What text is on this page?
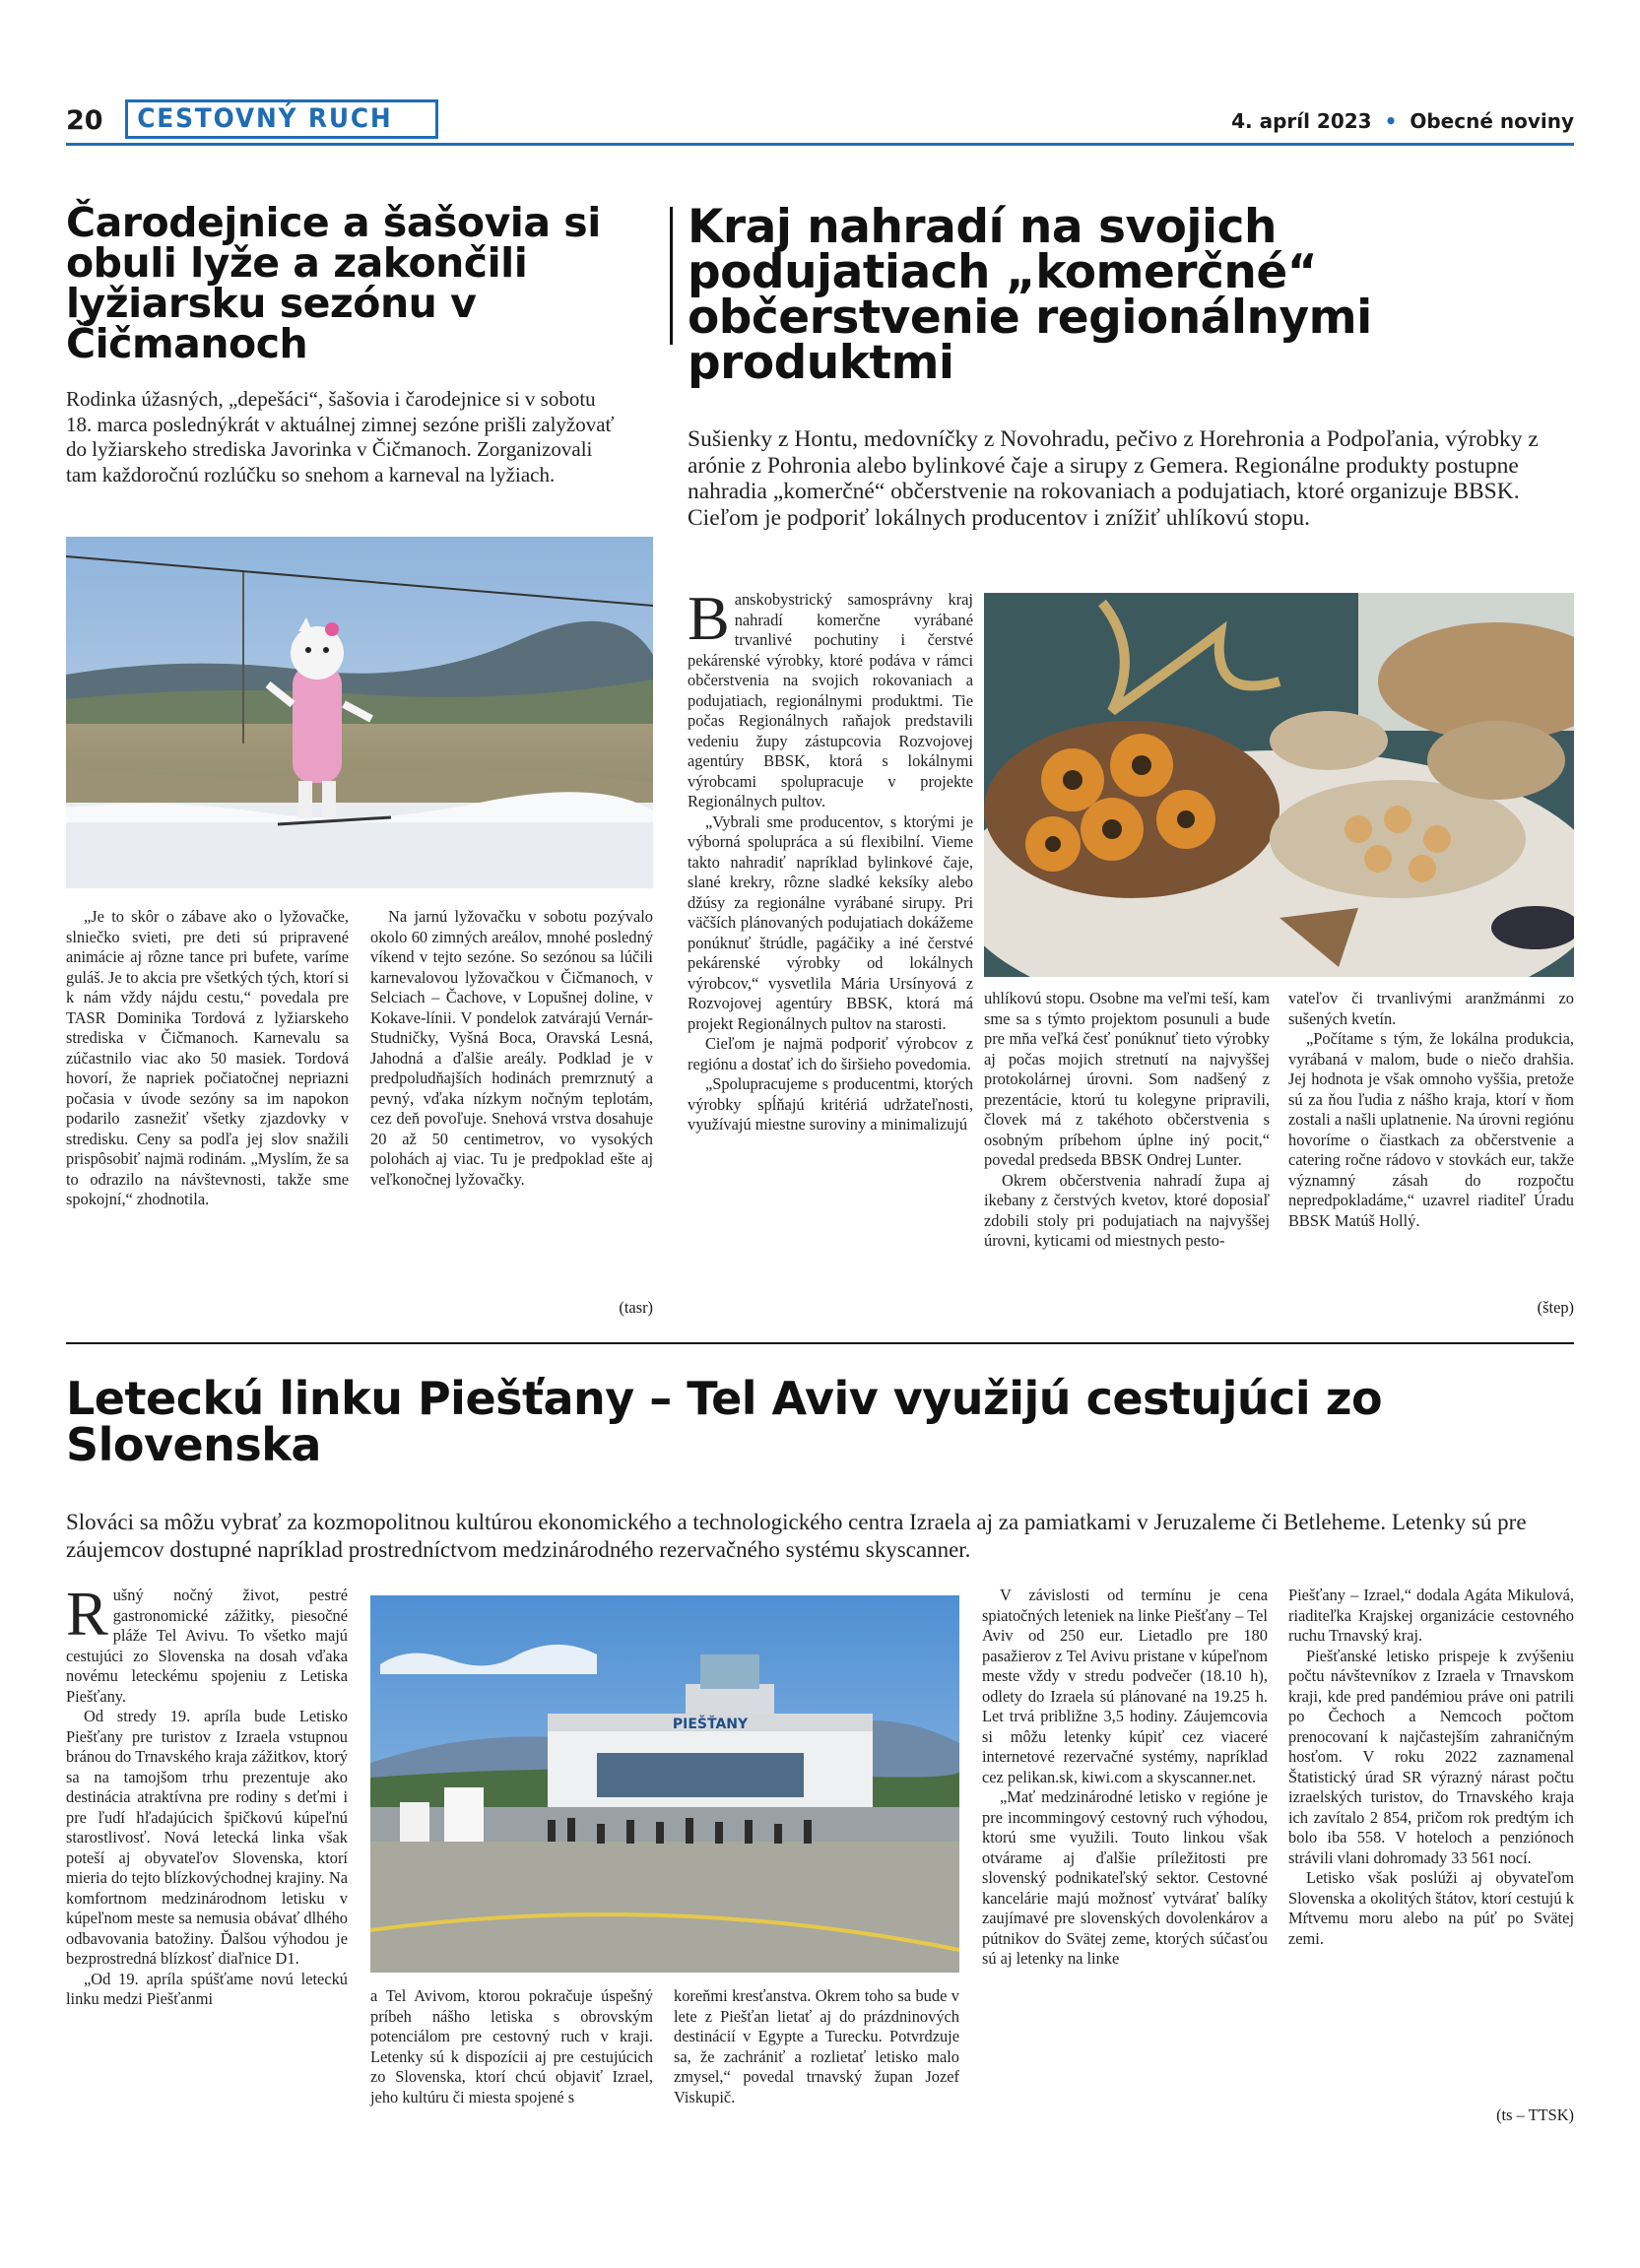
20	CESTOVNÝ RUCH	4. apríl 2023 • Obecné noviny
Čarodejnice a šašovia si obuli lyže a zakončili lyžiarsku sezónu v Čičmanoch
Rodinka úžasných, „depešáci“, šašovia i čarodejnice si v sobotu 18. marca poslednýkrát v aktuálnej zimnej sezóne prišli zalyžovať do lyžiarskeho strediska Javorinka v Čičmanoch. Zorganizovali tam každoročnú rozlúčku so snehom a karneval na lyžiach.

„Je to skôr o zábave ako o lyžovačke, slniečko svieti, pre deti sú pripravené animácie aj rôzne tance pri bufete, varíme guláš. Je to akcia pre všetkých tých, ktorí si k nám vždy nájdu cestu,“ povedala pre TASR Dominika Tordová z lyžiarskeho strediska v Čičmanoch. Karnevalu sa zúčastnilo viac ako 50 masiek. Tordová hovorí, že napriek počiatočnej nepriazni počasia v úvode sezóny sa im napokon podarilo zasnežiť všetky zjazdovky v stredisku. Ceny sa podľa jej slov snažili prispôsobiť najmä rodinám. „Myslím, že sa to odrazilo na návštevnosti, takže sme spokojní,“ zhodnotila.

Na jarnú lyžovačku v sobotu pozývalo okolo 60 zimných areálov, mnohé posledný víkend v tejto sezóne. So sezónou sa lúčili karnevalovou lyžovačkou v Čičmanoch, v Selciach – Čachove, v Lopušnej doline, v Kokave-línii. V pondelok zatvárajú Vernár-Studničky, Vyšná Boca, Oravská Lesná, Jahodná a ďalšie areály. Podklad je v predpoludňajších hodinách premrznutý a pevný, vďaka nízkym nočným teplotám, cez deň povoľuje. Snehová vrstva dosahuje 20 až 50 centimetrov, vo vysokých polohách aj viac. Tu je predpoklad ešte aj veľkonočnej lyžovačky.

(tasr)
Kraj nahradí na svojich podujatiach „komerčné“ občerstvenie regionálnymi produktmi
Sušienky z Hontu, medovníčky z Novohradu, pečivo z Horehronia a Podpoľania, výrobky z arónie z Pohronia alebo bylinkové čaje a sirupy z Gemera. Regionálne produkty postupne nahradia „komerčné“ občerstvenie na rokovaniach a podujatiach, ktoré organizuje BBSK. Cieľom je podporiť lokálnych producentov i znížiť uhlíkovú stopu.

Banskobystrický samosprávny kraj nahradí komerčne vyrábané trvanlivé pochutiny i čerstvé pekárenské výrobky, ktoré podáva v rámci občerstvenia na svojich rokovaniach a podujatiach, regionálnymi produktmi. Tie počas Regionálnych raňajok predstavili vedeniu župy zástupcovia Rozvojovej agentúry BBSK, ktorá s lokálnymi výrobcami spolupracuje v projekte Regionálnych pultov.

„Vybrali sme producentov, s ktorými je výborná spolupráca a sú flexibilní. Vieme takto nahradiť napríklad bylinkové čaje, slané krekry, rôzne sladké keksíky alebo džúsy za regionálne vyrábané sirupy. Pri väčších plánovaných podujatiach dokážeme ponúknuť štrúdle, pagáčiky a iné čerstvé pekárenské výrobky od lokálnych výrobcov,“ vysvetlila Mária Ursínyová z Rozvojovej agentúry BBSK, ktorá má projekt Regionálnych pultov na starosti.

Cieľom je najmä podporiť výrobcov z regiónu a dostať ich do širšieho povedomia.

„Spolupracujeme s producentmi, ktorých výrobky spĺňajú kritériá udržateľnosti, využívajú miestne suroviny a minimalizujú

uhlíkovú stopu. Osobne ma veľmi teší, kam sme sa s týmto projektom posunuli a bude pre mňa veľká česť ponúknuť tieto výrobky aj počas mojich stretnutí na najvyššej protokolárnej úrovni. Som nadšený z prezentácie, ktorú tu kolegyne pripravili, človek má z takéhoto občerstvenia s osobným príbehom úplne iný pocit,“ povedal predseda BBSK Ondrej Lunter.

Okrem občerstvenia nahradí župa aj ikebany z čerstvých kvetov, ktoré doposiaľ zdobili stoly pri podujatiach na najvyššej úrovni, kyticami od miestnych pesto-

vateľov či trvanlivými aranžmánmi zo sušených kvetín.

„Počítame s tým, že lokálna produkcia, vyrábaná v malom, bude o niečo drahšia. Jej hodnota je však omnoho vyššia, pretože sú za ňou ľudia z nášho kraja, ktorí v ňom zostali a našli uplatnenie. Na úrovni regiónu hovoríme o čiastkach za občerstvenie a catering ročne rádovo v stovkách eur, takže významný zásah do rozpočtu nepredpokladáme,“ uzavrel riaditeľ Úradu BBSK Matúš Hollý.

(štep)
Leteckú linku Piešťany – Tel Aviv využijú cestujúci zo Slovenska
Slováci sa môžu vybrať za kozmopolitnou kultúrou ekonomického a technologického centra Izraela aj za pamiatkami v Jeruzaleme či Betleheme. Letenky sú pre záujemcov dostupné napríklad prostredníctvom medzinárodného rezervačného systému skyscanner.

Rušný nočný život, pestré gastronomické zážitky, piesočné pláže Tel Avivu. To všetko majú cestujúci zo Slovenska na dosah vďaka novému leteckému spojeniu z Letiska Piešťany.

Od stredy 19. apríla bude Letisko Piešťany pre turistov z Izraela vstupnou bránou do Trnavského kraja zážitkov, ktorý sa na tamojšom trhu prezentuje ako destinácia atraktívna pre rodiny s deťmi i pre ľudí hľadajúcich špičkovú kúpeľnú starostlivosť. Nová letecká linka však poteší aj obyvateľov Slovenska, ktorí mieria do tejto blízkovýchodnej krajiny. Na komfortnom medzinárodnom letisku v kúpeľnom meste sa nemusia obávať dlhého odbavovania batožiny. Ďalšou výhodou je bezprostredná blízkosť diaľnice D1.

„Od 19. apríla spúšťame novú leteckú linku medzi Piešťanmi

PIEŠŤANY

a Tel Avivom, ktorou pokračuje úspešný príbeh nášho letiska s obrovským potenciálom pre cestovný ruch v kraji. Letenky sú k dispozícii aj pre cestujúcich zo Slovenska, ktorí chcú objaviť Izrael, jeho kultúru či miesta spojené s

koreňmi kresťanstva. Okrem toho sa bude v lete z Piešťan lietať aj do prázdninových destinácií v Egypte a Turecku. Potvrdzuje sa, že zachrániť a rozlietať letisko malo zmysel,“ povedal trnavský župan Jozef Viskupič.

V závislosti od termínu je cena spiatočných leteniek na linke Piešťany – Tel Aviv od 250 eur. Lietadlo pre 180 pasažierov z Tel Avivu pristane v kúpeľnom meste vždy v stredu podvečer (18.10 h), odlety do Izraela sú plánované na 19.25 h. Let trvá približne 3,5 hodiny. Záujemcovia si môžu letenky kúpiť cez viaceré internetové rezervačné systémy, napríklad cez pelikan.sk, kiwi.com a skyscanner.net.

„Mať medzinárodné letisko v regióne je pre incommingový cestovný ruch výhodou, ktorú sme využili. Touto linkou však otvárame aj ďalšie príležitosti pre slovenský podnikateľský sektor. Cestovné kancelárie majú možnosť vytvárať balíky zaujímavé pre slovenských dovolenkárov a pútnikov do Svätej zeme, ktorých súčasťou sú aj letenky na linke

Piešťany – Izrael,“ dodala Agáta Mikulová, riaditeľka Krajskej organizácie cestovného ruchu Trnavský kraj.

Piešťanské letisko prispeje k zvýšeniu počtu návštevníkov z Izraela v Trnavskom kraji, kde pred pandémiou práve oni patrili po Čechoch a Nemcoch počtom prenocovaní k najčastejším zahraničným hosťom. V roku 2022 zaznamenal Štatistický úrad SR výrazný nárast počtu izraelských turistov, do Trnavského kraja ich zavítalo 2 854, pričom rok predtým ich bolo iba 558. V hoteloch a penziónoch strávili vlani dohromady 33 561 nocí.

Letisko však poslúži aj obyvateľom Slovenska a okolitých štátov, ktorí cestujú k Mŕtvemu moru alebo na púť po Svätej zemi.

(ts – TTSK)
